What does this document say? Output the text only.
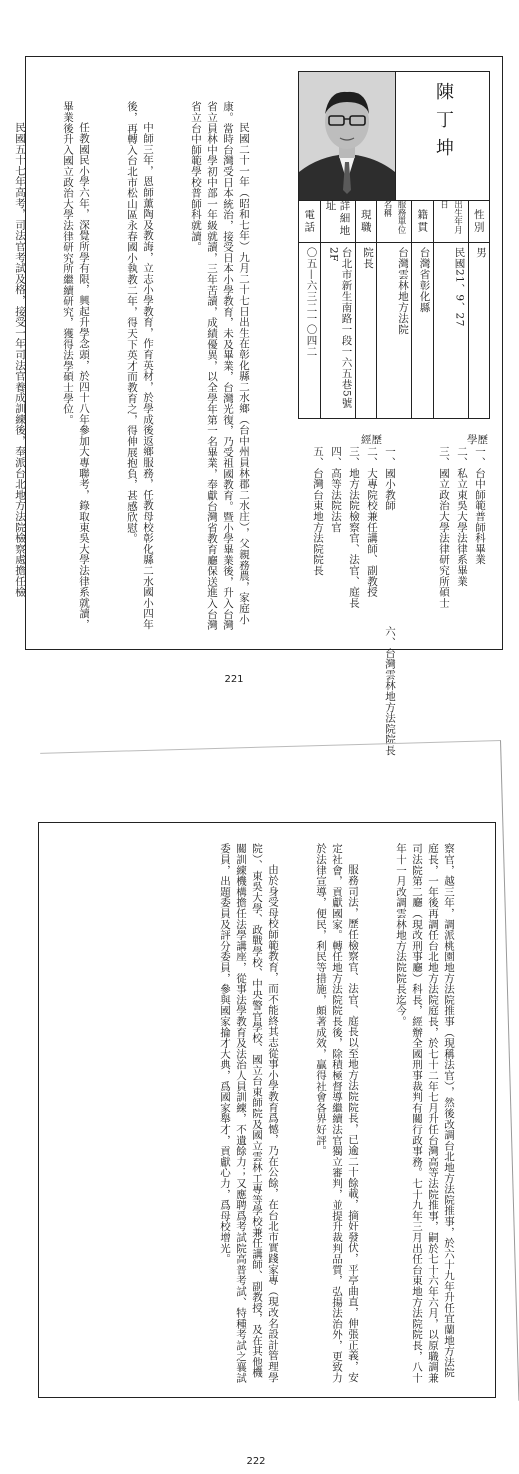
民國二十一年（昭和七年）九月二十七日出生在彰化縣二水鄉（台中州員林郡二水庄），父親務農，家庭小康。當時台灣受日本統治，接受日本小學教育，未及畢業，台灣光復，乃受祖國教育。暨小學畢業後，升入台灣省立員林中學初中部一年級就讀，三年苦讀，成績優異，以全學年第一名畢業，奉獻台灣省教育廳保送進入台灣省立台中師範學校普師科就讀。

中師三年，恩師薰陶及教誨，立志小學教育，作育英材，於學成後返鄉服務，任教母校彰化縣二水國小四年後，再轉入台北市松山區永春國小執教二年，得天下英才而教育之，得伸展抱負，甚感欣慰。

任教國民小學六年，深覺所學有限，興起升學念頭，於四十八年參加大專聯考，錄取東吳大學法律系就讀，畢業後升入國立政治大學法律研究所繼續研究，獲得法學碩士學位。

民國五十七年高考，司法官考試及格，接受一年司法官養成訓練後，奉派台北地方法院檢察處擔任檢

	陳丁坤
性別
男
出生年月日
民國21、9、27
籍貫
台灣省彰化縣
服務單位名稱
台灣雲林地方法院
現職
院長
詳細地址
台北市新生南路一段一六五巷5號2F
電話
〇五—六三二一〇四二
學歷
經歷
一、台中師範普師科畢業
二、私立東吳大學法律系畢業
三、國立政治大學法律研究所碩士
一、國小教師
二、大專院校兼任講師、副教授
三、地方法院檢察官、法官、庭長
四、高等法院法官
五、台灣台東地方法院院長
六、台灣雲林地方法院院長
221

察官，越三年，調派桃園地方法院推事（現稱法官），然後改調台北地方法院推事，於六十九年升任宜蘭地方法院庭長，一年後再調任台北地方法院庭長，於七十二年七月升任台灣高等法院推事，嗣於七十六年六月，以原職調兼司法院第二廳（現改刑事廳）科長，經辦全國刑事裁判有關行政事務。七十九年三月出任台東地方法院院長，八十年十一月改調雲林地方法院院長迄今。

服務司法，歷任檢察官、法官、庭長以至地方法院院長，已逾二十餘載，摘奸發伏，平亭曲直，伸張正義，安定社會，貢獻國家。轉任地方法院院長後，除積極督導繼續法官獨立審判，並提升裁判品質，弘揚法治外，更致力於法律宣導，便民，利民等措施，頗著成效，贏得社會各界好評。

由於身受母校師範教育，而不能終其志從事小學教育爲憾，乃在公餘，在台北市實踐家專（現改名設計管理學院）、東吳大學、政戰學校、中央警官學校、國立台東師院及國立雲林工專等學校兼任講師、副教授，及在其他機關訓練機構擔任法學講座，從事法學教育及法治人員訓練，不遺餘力；又應聘爲考試院高普考試、特種考試之襄試委員，出題委員及評分委員，參與國家掄才大典，爲國家舉才，貢獻心力，爲母校增光。

222
